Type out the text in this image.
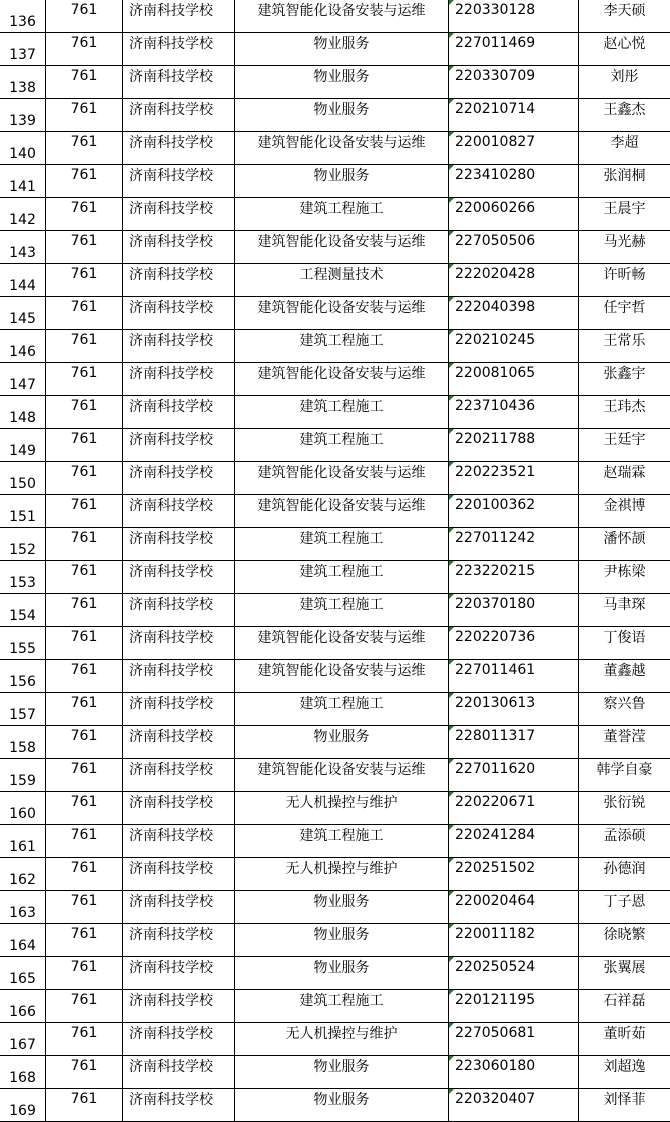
136	761	济南科技学校	建筑智能化设备安装与运维	220330128	李天硕
137	761	济南科技学校	物业服务	227011469	赵心悦
138	761	济南科技学校	物业服务	220330709	刘彤
139	761	济南科技学校	物业服务	220210714	王鑫杰
140	761	济南科技学校	建筑智能化设备安装与运维	220010827	李超
141	761	济南科技学校	物业服务	223410280	张润桐
142	761	济南科技学校	建筑工程施工	220060266	王晨宇
143	761	济南科技学校	建筑智能化设备安装与运维	227050506	马光赫
144	761	济南科技学校	工程测量技术	222020428	许昕畅
145	761	济南科技学校	建筑智能化设备安装与运维	222040398	任宇哲
146	761	济南科技学校	建筑工程施工	220210245	王常乐
147	761	济南科技学校	建筑智能化设备安装与运维	220081065	张鑫宇
148	761	济南科技学校	建筑工程施工	223710436	王玮杰
149	761	济南科技学校	建筑工程施工	220211788	王廷宇
150	761	济南科技学校	建筑智能化设备安装与运维	220223521	赵瑞霖
151	761	济南科技学校	建筑智能化设备安装与运维	220100362	金祺博
152	761	济南科技学校	建筑工程施工	227011242	潘怀颉
153	761	济南科技学校	建筑工程施工	223220215	尹栋梁
154	761	济南科技学校	建筑工程施工	220370180	马聿琛
155	761	济南科技学校	建筑智能化设备安装与运维	220220736	丁俊语
156	761	济南科技学校	建筑智能化设备安装与运维	227011461	董鑫越
157	761	济南科技学校	建筑工程施工	220130613	察兴鲁
158	761	济南科技学校	物业服务	228011317	董誉滢
159	761	济南科技学校	建筑智能化设备安装与运维	227011620	韩学自豪
160	761	济南科技学校	无人机操控与维护	220220671	张衍锐
161	761	济南科技学校	建筑工程施工	220241284	孟添硕
162	761	济南科技学校	无人机操控与维护	220251502	孙德润
163	761	济南科技学校	物业服务	220020464	丁子恩
164	761	济南科技学校	物业服务	220011182	徐晓繁
165	761	济南科技学校	物业服务	220250524	张翼展
166	761	济南科技学校	建筑工程施工	220121195	石祥磊
167	761	济南科技学校	无人机操控与维护	227050681	董昕茹
168	761	济南科技学校	物业服务	223060180	刘超逸
169	761	济南科技学校	物业服务	220320407	刘怿菲
